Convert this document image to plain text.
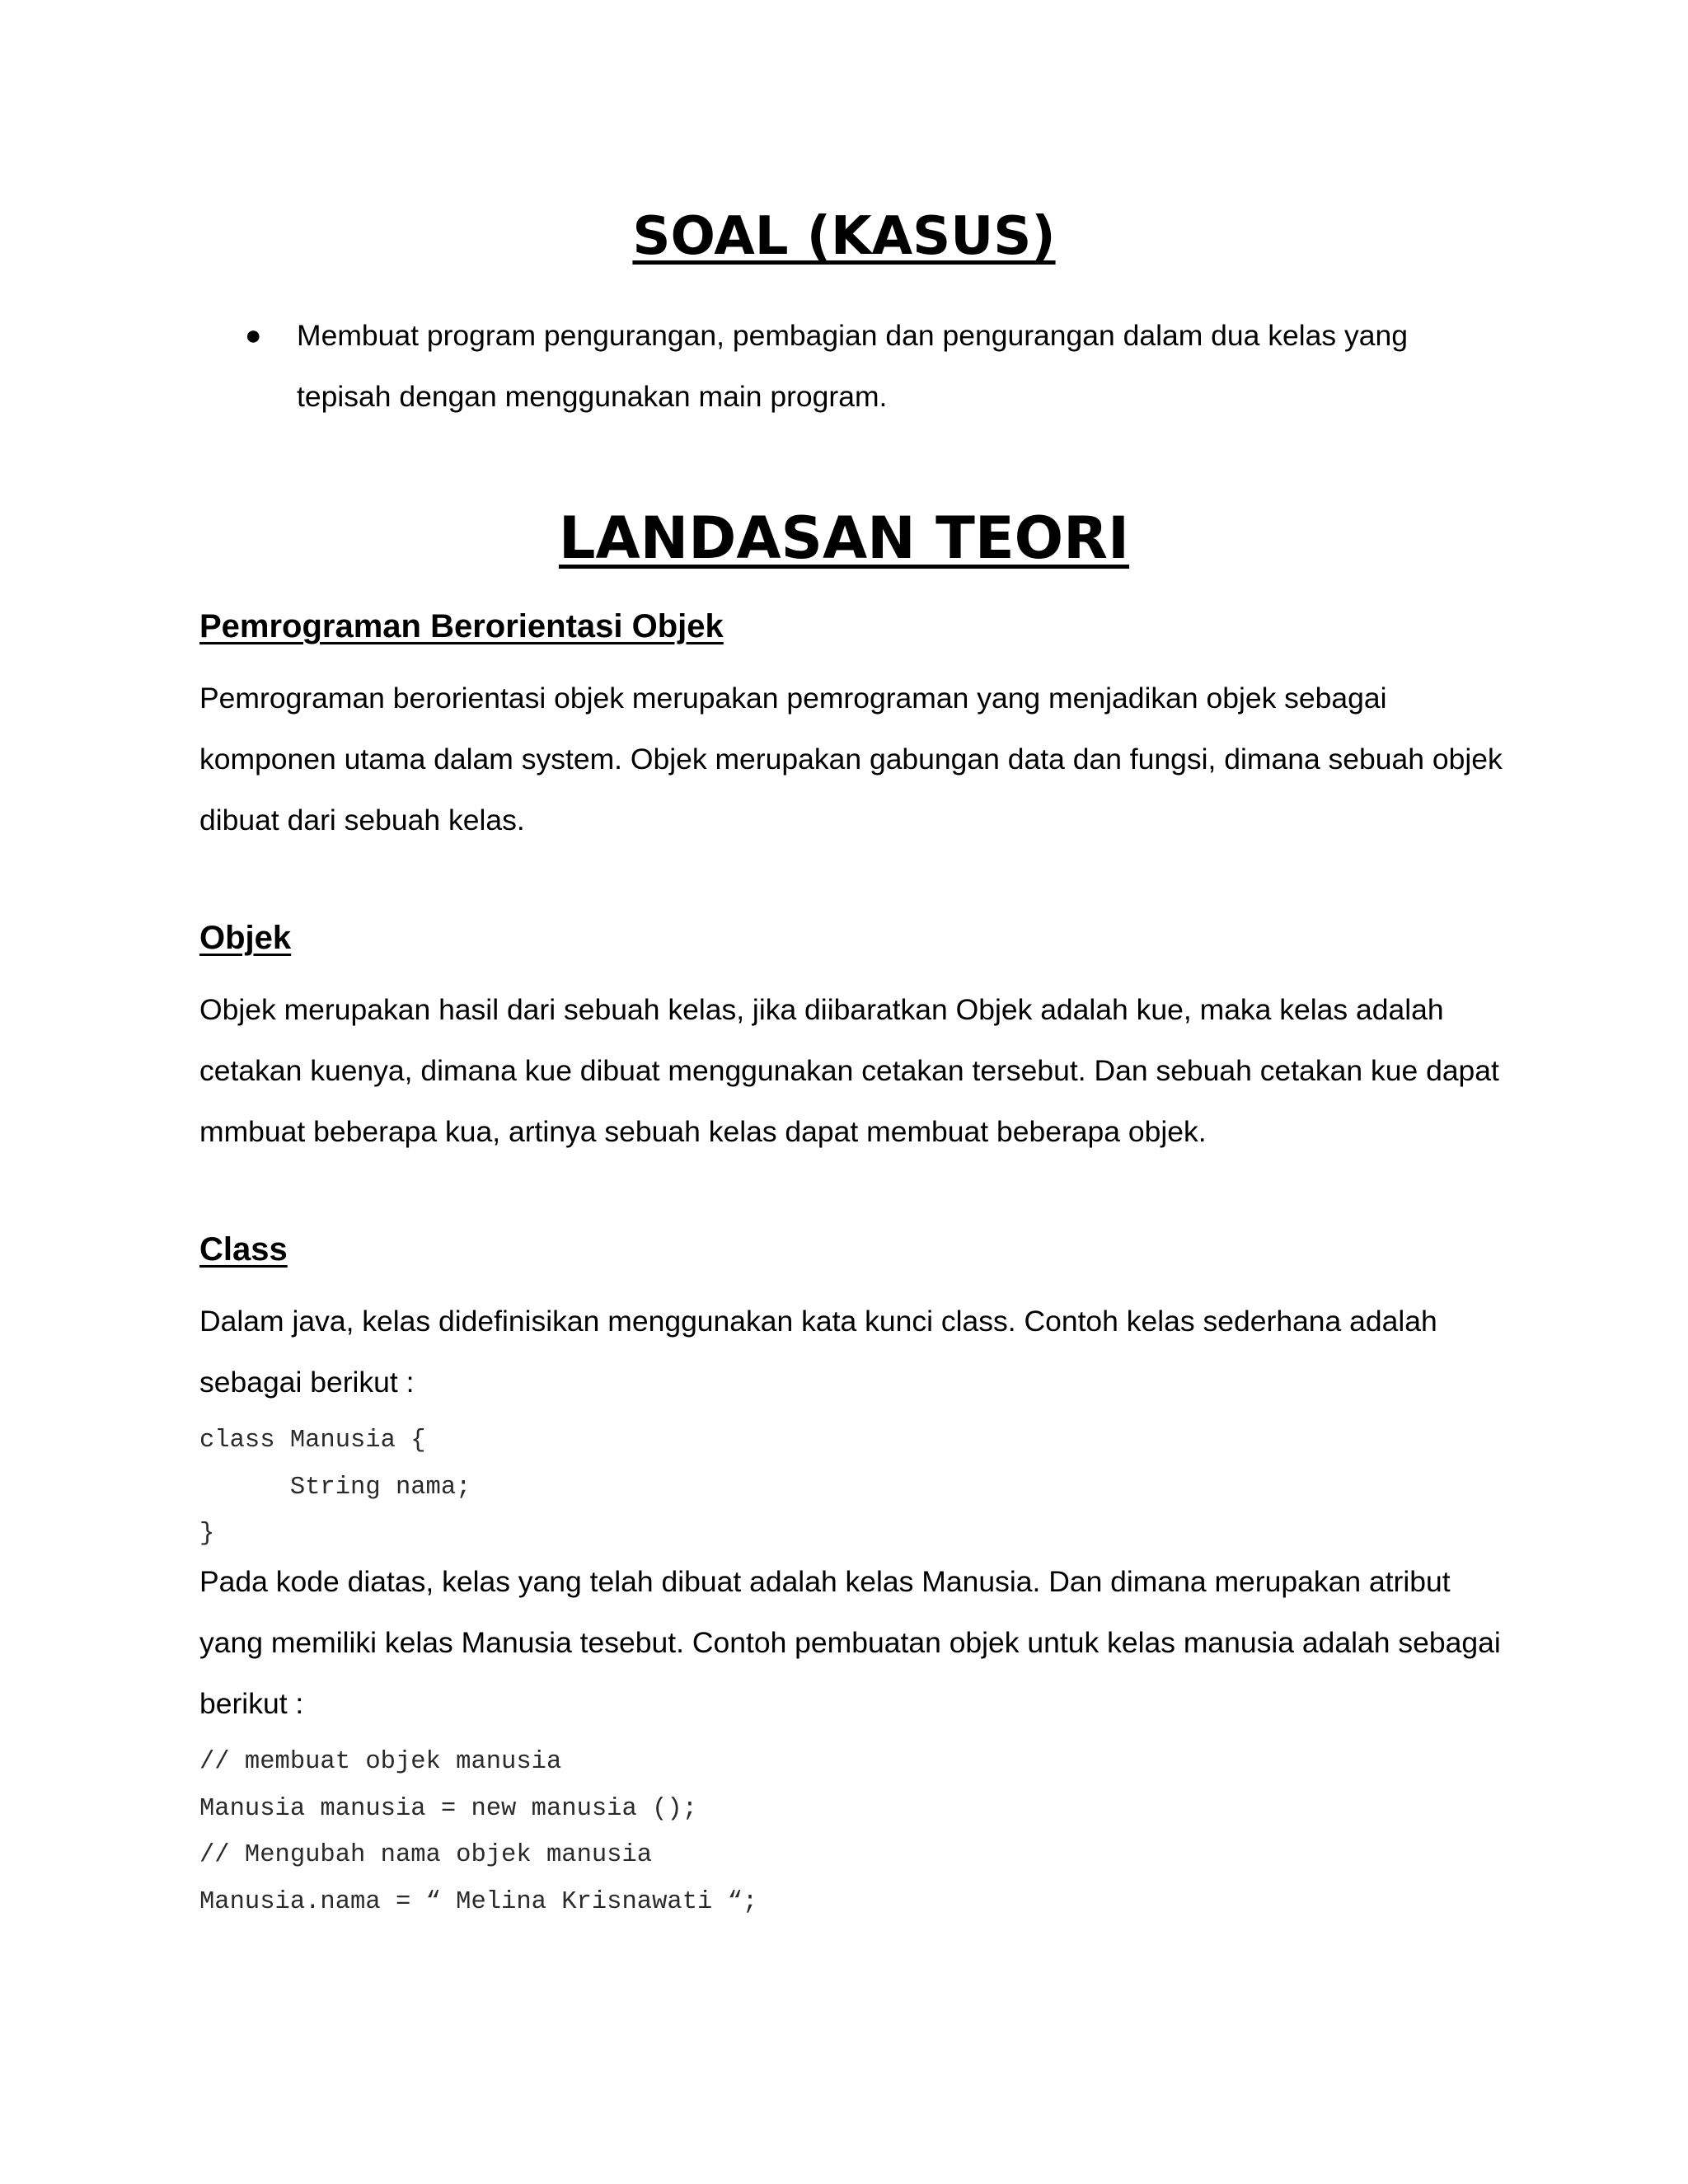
SOAL (KASUS)
● Membuat program pengurangan, pembagian dan pengurangan dalam dua kelas yang tepisah dengan menggunakan main program.

LANDASAN TEORI
Pemrograman Berorientasi Objek

Pemrograman berorientasi objek merupakan pemrograman yang menjadikan objek sebagai komponen utama dalam system. Objek merupakan gabungan data dan fungsi, dimana sebuah objek dibuat dari sebuah kelas.

Objek

Objek merupakan hasil dari sebuah kelas, jika diibaratkan Objek adalah kue, maka kelas adalah cetakan kuenya, dimana kue dibuat menggunakan cetakan tersebut. Dan sebuah cetakan kue dapat mmbuat beberapa kua, artinya sebuah kelas dapat membuat beberapa objek.

Class

Dalam java, kelas didefinisikan menggunakan kata kunci class. Contoh kelas sederhana adalah sebagai berikut :

class Manusia {
String nama;
}

Pada kode diatas, kelas yang telah dibuat adalah kelas Manusia. Dan dimana merupakan atribut yang memiliki kelas Manusia tesebut. Contoh pembuatan objek untuk kelas manusia adalah sebagai berikut :

// membuat objek manusia
Manusia manusia = new manusia ();
// Mengubah nama objek manusia
Manusia.nama = “ Melina Krisnawati “;
